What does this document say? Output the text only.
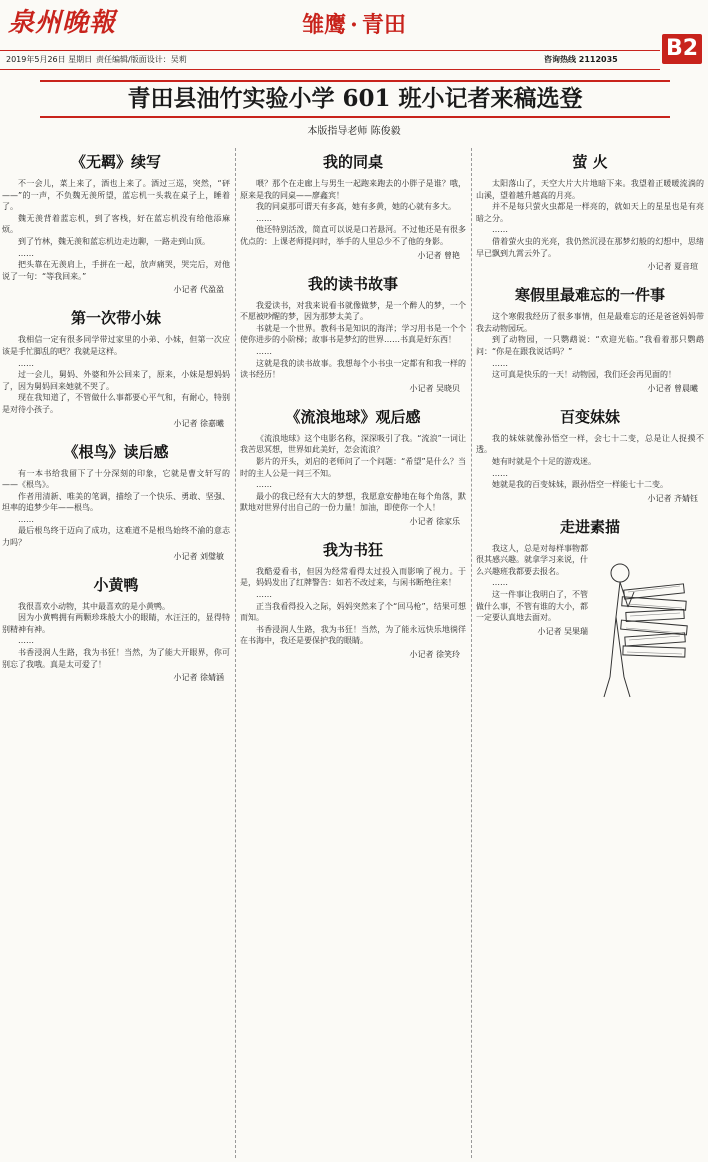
泉州晚報	雏鹰 · 青田
B2
2019年5月26日 星期日 责任编辑/版面设计：吴莉	咨询热线 2112035
青田县油竹实验小学 601 班小记者来稿选登
本版指导老师 陈俊毅
《无羁》续写

不一会儿，菜上来了，酒也上来了。酒过三巡，突然，“砰——”的一声，不负魏无羡所望，蓝忘机一头栽在桌子上，睡着了。

魏无羡背着蓝忘机，到了客栈，好在蓝忘机没有给他添麻烦。

到了竹林，魏无羡和蓝忘机边走边聊，一路走到山顶。

……

把头靠在无羡肩上，手拼在一起，放声痛哭，哭完后，对他说了一句：“等我回来。”

小记者 代盈盈
第一次带小妹

我相信一定有很多同学带过家里的小弟、小妹，但第一次应该是手忙脚乱的吧？我就是这样。

……

过一会儿，舅妈、外婆和外公回来了，原来，小妹是想妈妈了，因为舅妈回来她就不哭了。

现在我知道了，不管做什么事都要心平气和，有耐心，特别是对待小孩子。

小记者 徐嘉曦
《根鸟》读后感

有一本书给我留下了十分深刻的印象，它就是曹文轩写的——《根鸟》。

作者用清新、唯美的笔调，描绘了一个快乐、勇敢、坚强、坦率的追梦少年——根鸟。

……

最后根鸟终于迈向了成功，这难道不是根鸟始终不渝的意志力吗？

小记者 刘璧敏
小黄鸭

我很喜欢小动物，其中最喜欢的是小黄鸭。

因为小黄鸭拥有两颗珍珠般大小的眼睛，水汪汪的，显得特别精神有神。

……

书香浸润人生路，我为书狂！当然，为了能大开眼界，你可别忘了我哦。真是太可爱了！

小记者 徐婧涵
我的同桌

喂？那个在走廊上与男生一起跑来跑去的小胖子是谁？哦，原来是我的同桌——廖鑫宾！

我的同桌那可谓天有多高，她有多黄，她的心就有多大。

……

他还特别活泼，简直可以说是口若悬河。不过他还是有很多优点的：上课老师提问时，举手的人里总少不了他的身影。

小记者 曾艳
我的读书故事

我爱读书，对我来说看书就像做梦，是一个醉人的梦，一个不愿被吵醒的梦，因为那梦太美了。

书就是一个世界。教科书是知识的海洋；学习用书是一个个使你进步的小阶梯；故事书是梦幻的世界……书真是好东西！

……

这就是我的读书故事。我想每个小书虫一定都有和我一样的读书经历！

小记者 吴晓贝
《流浪地球》观后感

《流浪地球》这个电影名称，深深吸引了我。“流浪”一词让我苦思冥想，世界如此美好，怎会流浪？

影片的开头，刘启的老师问了一个问题：“希望”是什么？当时的主人公是一问三不知。

……

最小的我已经有大大的梦想，我愿意安静地在每个角落，默默地对世界付出自己的一份力量！加油，即使你一个人！

小记者 徐家乐
我为书狂

我酷爱看书，但因为经常看得太过投入而影响了视力。于是，妈妈发出了红牌警告：如若不改过来，与闲书断绝往来！

……

正当我看得投入之际，妈妈突然来了个“回马枪”，结果可想而知。

书香浸润人生路，我为书狂！当然，为了能永远快乐地徜徉在书海中，我还是要保护我的眼睛。

小记者 徐笑玲
萤 火

太阳落山了，天空大片大片地暗下来。我望着正暖暖流淌的山溪，望着越升越高的月亮。

并不是每只萤火虫都是一样亮的，就如天上的星星也是有亮暗之分。

……

借着萤火虫的光亮，我仍然沉浸在那梦幻般的幻想中，思绪早已飘到九霄云外了。

小记者 夏音瑄
寒假里最难忘的一件事

这个寒假我经历了很多事情，但是最难忘的还是爸爸妈妈带我去动物园玩。

到了动物园，一只鹦鹉说：“欢迎光临。”我看着那只鹦鹉问：“你是在跟我说话吗？”

……

这可真是快乐的一天！动物园，我们还会再见面的！

小记者 曾晨曦
百变妹妹

我的妹妹就像孙悟空一样，会七十二变，总是让人捉摸不透。

她有时就是个十足的游戏迷。

……

她就是我的百变妹妹，跟孙悟空一样能七十二变。

小记者 齐婧钰
走进素描

我这人，总是对每样事物都很其感兴趣。就拿学习来说，什么兴趣班我都要去报名。

……

这一件事让我明白了，不管做什么事，不管有谁的大小，都一定要认真地去面对。

小记者 吴果瑞
